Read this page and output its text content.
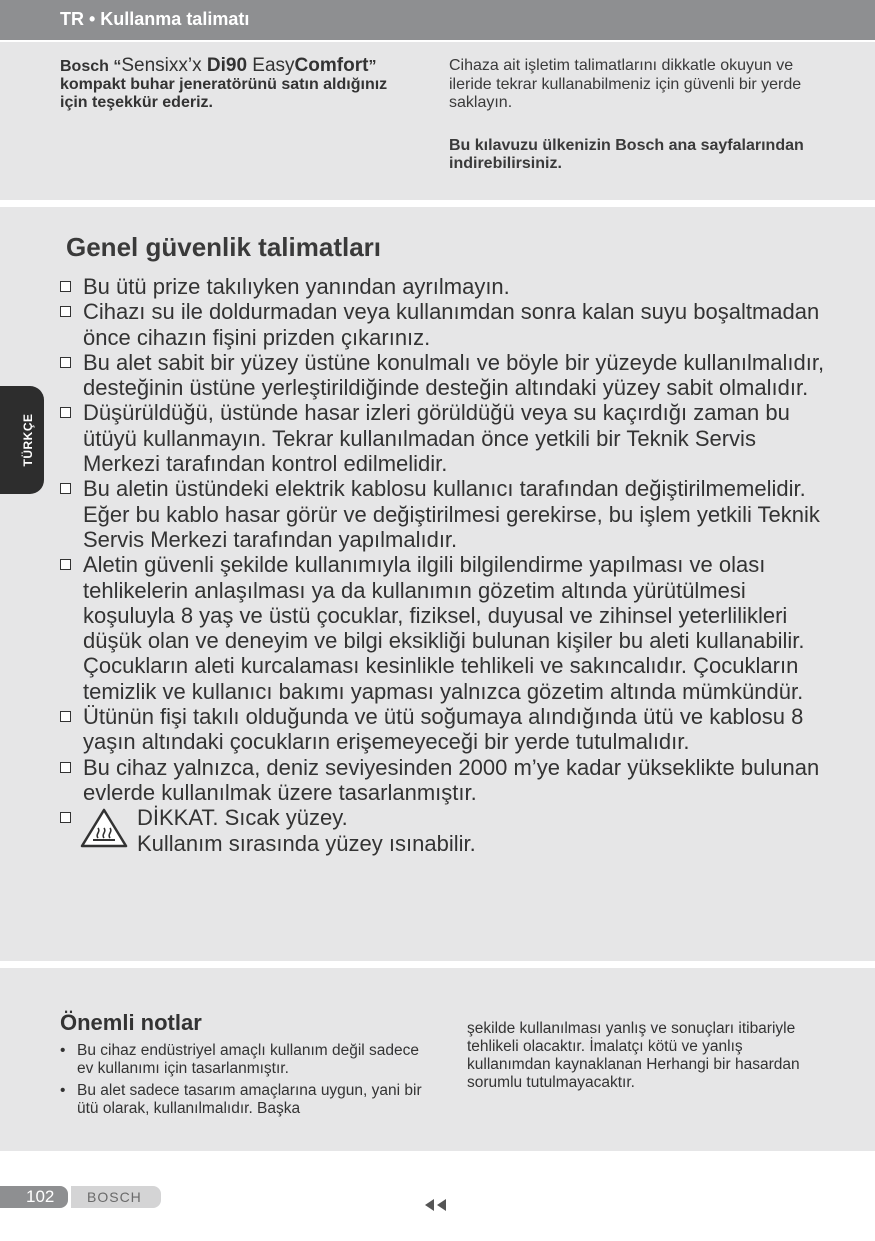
TR • Kullanma talimatı
Bosch “Sensixx’x Di90 EasyComfort”
kompakt buhar jeneratörünü satın aldığınız için teşekkür ederiz.
Cihaza ait işletim talimatlarını dikkatle okuyun ve ileride tekrar kullanabilmeniz için güvenli bir yerde saklayın.
Bu kılavuzu ülkenizin Bosch ana sayfalarından indirebilirsiniz.
TÜRKÇE
Genel güvenlik talimatları
Bu ütü prize takılıyken yanından ayrılmayın.
Cihazı su ile doldurmadan veya kullanımdan sonra kalan suyu boşaltmadan önce cihazın fişini prizden çıkarınız.
Bu alet sabit bir yüzey üstüne konulmalı ve böyle bir yüzeyde kullanılmalıdır, desteğinin üstüne yerleştirildiğinde desteğin altındaki yüzey sabit olmalıdır.
Düşürüldüğü, üstünde hasar izleri görüldüğü veya su kaçırdığı zaman bu ütüyü kullanmayın. Tekrar kullanılmadan önce yetkili bir Teknik Servis Merkezi tarafından kontrol edilmelidir.
Bu aletin üstündeki elektrik kablosu kullanıcı tarafından değiştirilmemelidir. Eğer bu kablo hasar görür ve değiştirilmesi gerekirse, bu işlem yetkili Teknik Servis Merkezi tarafından yapılmalıdır.
Aletin güvenli şekilde kullanımıyla ilgili bilgilendirme yapılması ve olası tehlikelerin anlaşılması ya da kullanımın gözetim altında yürütülmesi koşuluyla 8 yaş ve üstü çocuklar, fiziksel, duyusal ve zihinsel yeterlilikleri düşük olan ve deneyim ve bilgi eksikliği bulunan kişiler bu aleti kullanabilir. Çocukların aleti kurcalaması kesinlikle tehlikeli ve sakıncalıdır. Çocukların temizlik ve kullanıcı bakımı yapması yalnızca gözetim altında mümkündür.
Ütünün fişi takılı olduğunda ve ütü soğumaya alındığında ütü ve kablosu 8 yaşın altındaki çocukların erişemeyeceği bir yerde tutulmalıdır.
Bu cihaz yalnızca, deniz seviyesinden 2000 m’ye kadar yükseklikte bulunan evlerde kullanılmak üzere tasarlanmıştır.
DİKKAT. Sıcak yüzey.
Kullanım sırasında yüzey ısınabilir.
Önemli notlar
• Bu cihaz endüstriyel amaçlı kullanım değil sadece ev kullanımı için tasarlanmıştır.
• Bu alet sadece tasarım amaçlarına uygun, yani bir ütü olarak, kullanılmalıdır. Başka
şekilde kullanılması yanlış ve sonuçları itibariyle tehlikeli olacaktır. İmalatçı kötü ve yanlış kullanımdan kaynaklanan Herhangi bir hasardan sorumlu tutulmayacaktır.
102 BOSCH
